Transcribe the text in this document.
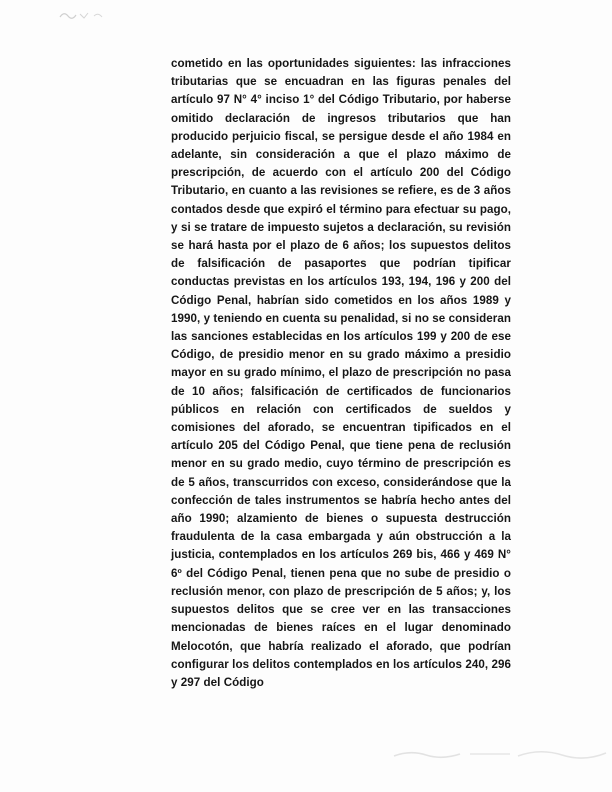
cometido en las oportunidades siguientes: las infracciones tributarias que se encuadran en las figuras penales del artículo 97 N° 4° inciso 1° del Código Tributario, por haberse omitido declaración de ingresos tributarios que han producido perjuicio fiscal, se persigue desde el año 1984 en adelante, sin consideración a que el plazo máximo de prescripción, de acuerdo con el artículo 200 del Código Tributario, en cuanto a las revisiones se refiere, es de 3 años contados desde que expiró el término para efectuar su pago, y si se tratare de impuesto sujetos a declaración, su revisión se hará hasta por el plazo de 6 años; los supuestos delitos de falsificación de pasaportes que podrían tipificar conductas previstas en los artículos 193, 194, 196 y 200 del Código Penal, habrían sido cometidos en los años 1989 y 1990, y teniendo en cuenta su penalidad, si no se consideran las sanciones establecidas en los artículos 199 y 200 de ese Código, de presidio menor en su grado máximo a presidio mayor en su grado mínimo, el plazo de prescripción no pasa de 10 años; falsificación de certificados de funcionarios públicos en relación con certificados de sueldos y comisiones del aforado, se encuentran tipificados en el artículo 205 del Código Penal, que tiene pena de reclusión menor en su grado medio, cuyo término de prescripción es de 5 años, transcurridos con exceso, considerándose que la confección de tales instrumentos se habría hecho antes del año 1990; alzamiento de bienes o supuesta destrucción fraudulenta de la casa embargada y aún obstrucción a la justicia, contemplados en los artículos 269 bis, 466 y 469 N° 6º del Código Penal, tienen pena que no sube de presidio o reclusión menor, con plazo de prescripción de 5 años; y, los supuestos delitos que se cree ver en las transacciones mencionadas de bienes raíces en el lugar denominado Melocotón, que habría realizado el aforado, que podrían configurar los delitos contemplados en los artículos 240, 296 y 297 del Código
